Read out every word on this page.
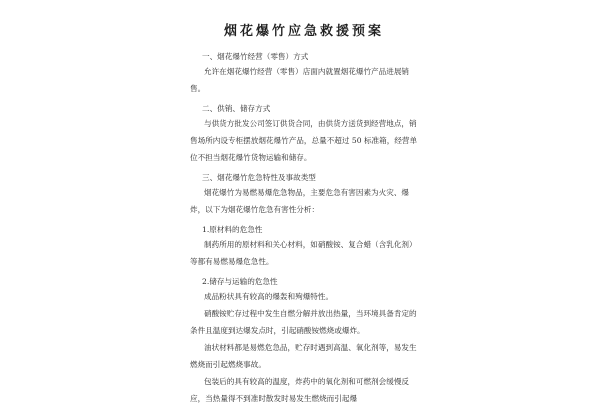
烟花爆竹应急救援预案
一、烟花爆竹经营（零售）方式

允许在烟花爆竹经营（零售）店面内就置烟花爆竹产品进展销售。

二、供销、储存方式

与供货方批发公司签订供货合同，由供货方送货到经营地点，销售场所内设专柜摆放烟花爆竹产品，总量不超过 50 标准箱，经营单位不担当烟花爆竹货物运输和储存。

三、烟花爆竹危急特性及事故类型

烟花爆竹为易燃易爆危急物品，主要危急有害因素为火灾、爆炸，以下为烟花爆竹危急有害性分析：

1.原材料的危急性

制药所用的原材料和关心材料，如硝酸铵、复合蜡（含乳化剂）等都有易燃易爆危急性。

2.储存与运输的危急性

成品粉状具有较高的爆轰和殉爆特性。

硝酸铵贮存过程中发生自燃分解并放出热量，当环境具备肯定的条件且温度到达爆发点时，引起硝酸铵燃烧或爆炸。

油状材料都是易燃危急品，贮存时遇到高温、氧化剂等，易发生燃烧而引起燃烧事故。

包装后的具有较高的温度，炸药中的氧化剂和可燃剂会缓慢反应，当热量得不到准时散发时易发生燃烧而引起爆
